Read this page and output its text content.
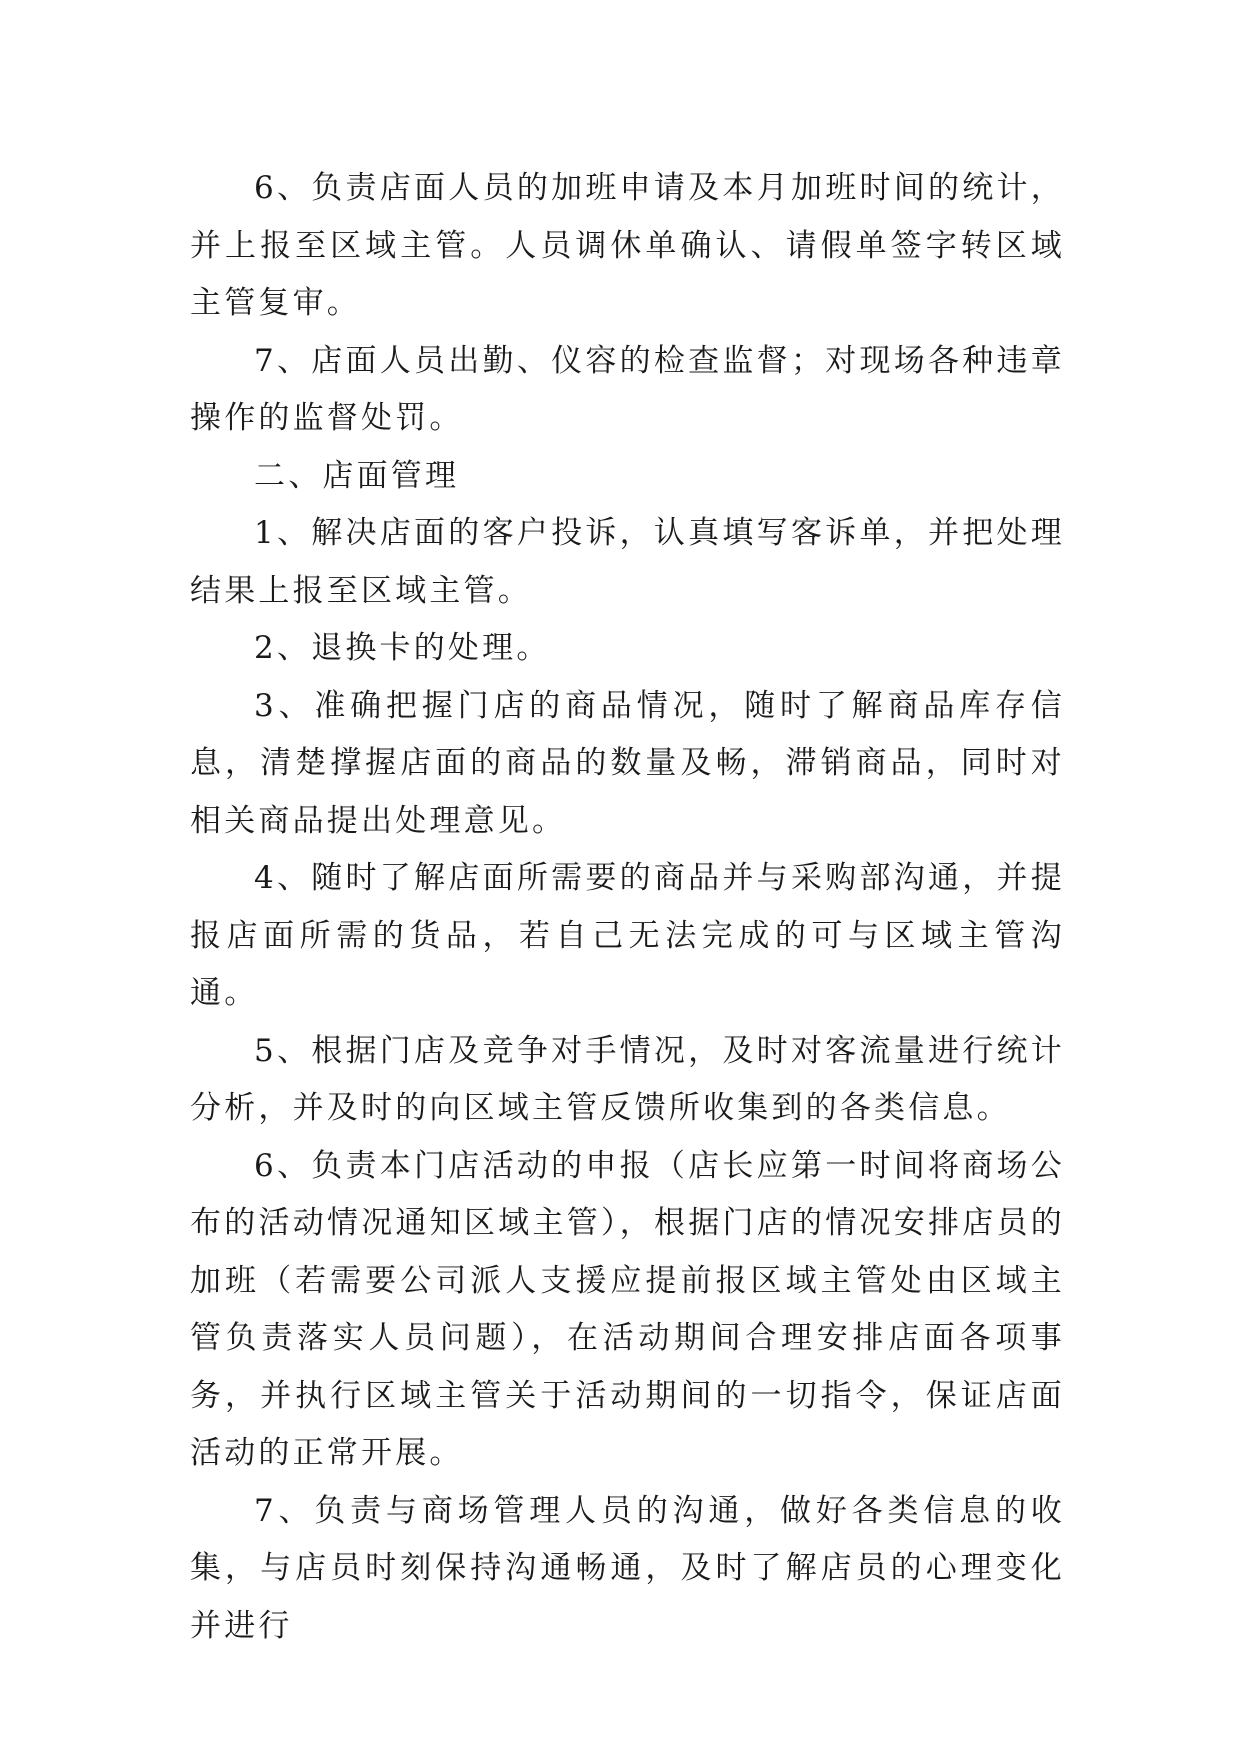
6、负责店面人员的加班申请及本月加班时间的统计，并上报至区域主管。人员调休单确认、请假单签字转区域主管复审。

7、店面人员出勤、仪容的检查监督；对现场各种违章操作的监督处罚。

二、店面管理

1、解决店面的客户投诉，认真填写客诉单，并把处理结果上报至区域主管。

2、退换卡的处理。

3、准确把握门店的商品情况，随时了解商品库存信息，清楚撑握店面的商品的数量及畅，滞销商品，同时对相关商品提出处理意见。

4、随时了解店面所需要的商品并与采购部沟通，并提报店面所需的货品，若自己无法完成的可与区域主管沟通。

5、根据门店及竞争对手情况，及时对客流量进行统计分析，并及时的向区域主管反馈所收集到的各类信息。

6、负责本门店活动的申报（店长应第一时间将商场公布的活动情况通知区域主管），根据门店的情况安排店员的加班（若需要公司派人支援应提前报区域主管处由区域主管负责落实人员问题），在活动期间合理安排店面各项事务，并执行区域主管关于活动期间的一切指令，保证店面活动的正常开展。

7、负责与商场管理人员的沟通，做好各类信息的收集，与店员时刻保持沟通畅通，及时了解店员的心理变化并进行
